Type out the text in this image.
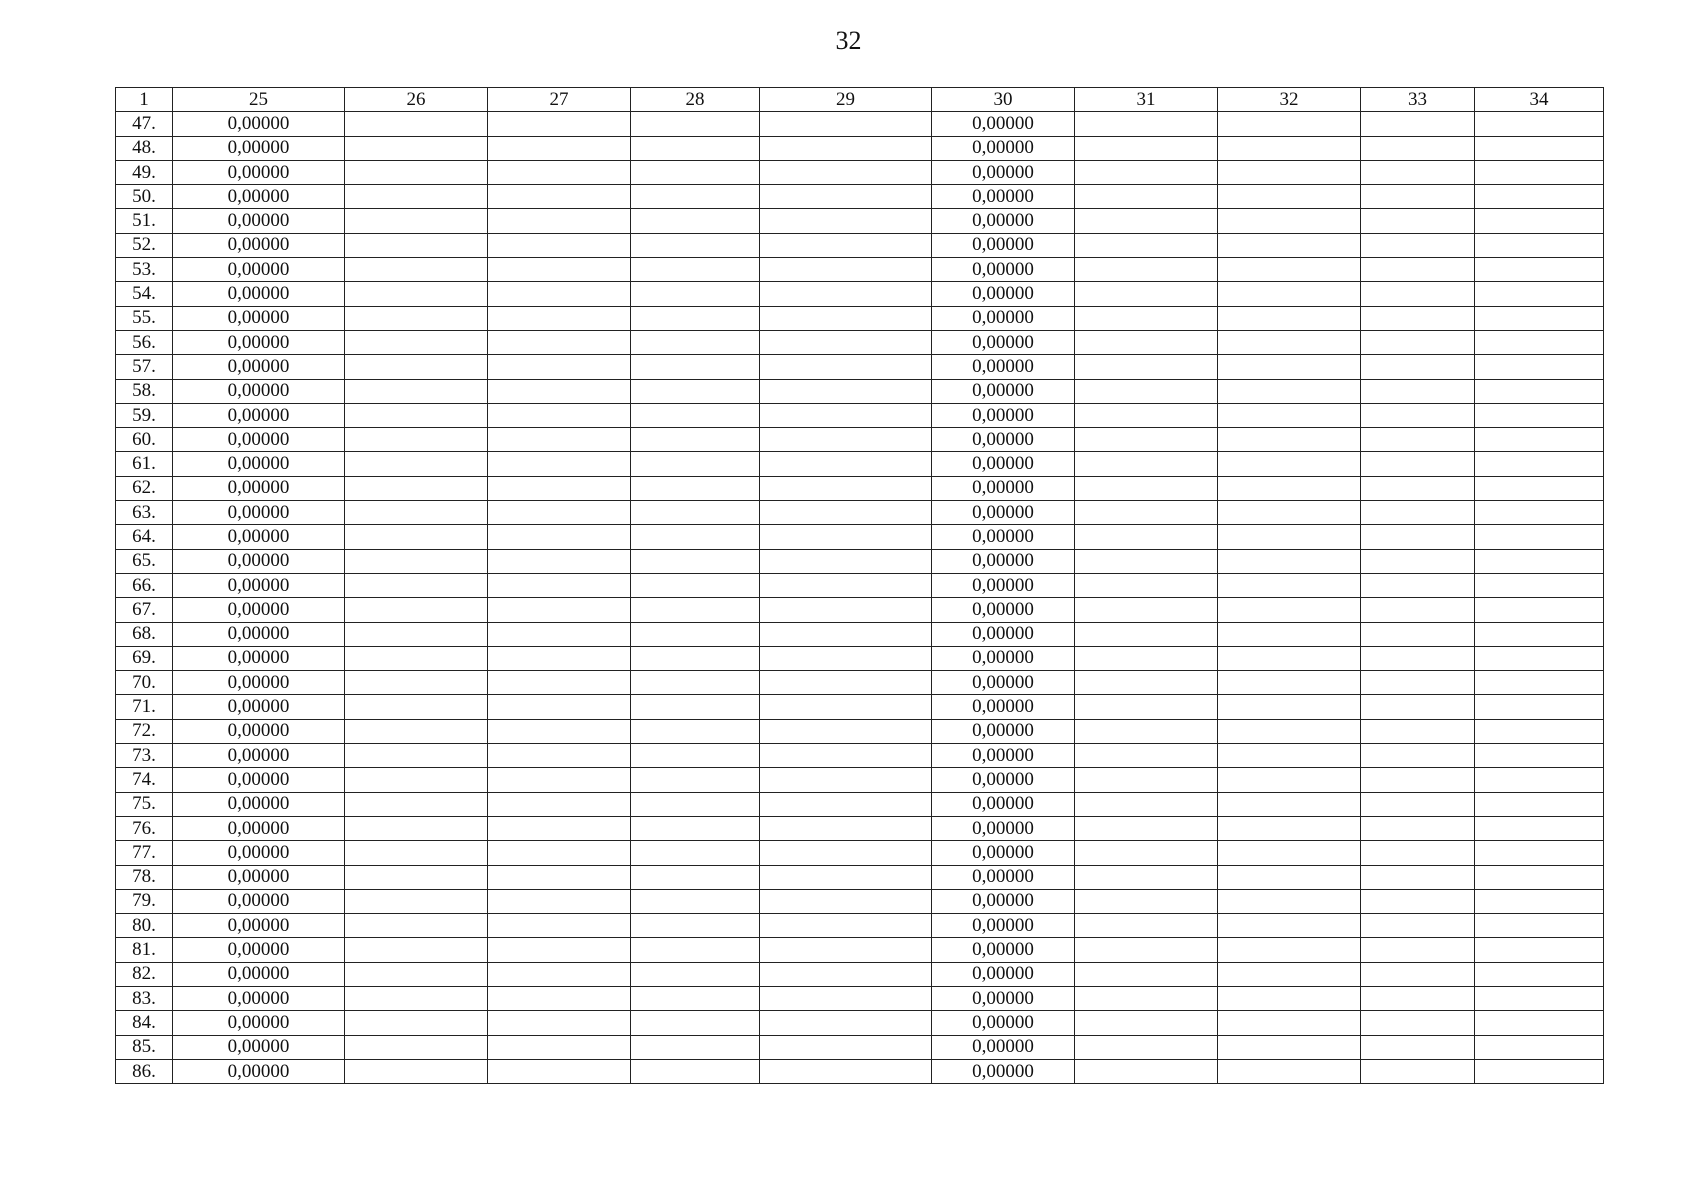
32
1	25	26	27	28	29	30	31	32	33	34
47.	0,00000					0,00000				
48.	0,00000					0,00000				
49.	0,00000					0,00000				
50.	0,00000					0,00000				
51.	0,00000					0,00000				
52.	0,00000					0,00000				
53.	0,00000					0,00000				
54.	0,00000					0,00000				
55.	0,00000					0,00000				
56.	0,00000					0,00000				
57.	0,00000					0,00000				
58.	0,00000					0,00000				
59.	0,00000					0,00000				
60.	0,00000					0,00000				
61.	0,00000					0,00000				
62.	0,00000					0,00000				
63.	0,00000					0,00000				
64.	0,00000					0,00000				
65.	0,00000					0,00000				
66.	0,00000					0,00000				
67.	0,00000					0,00000				
68.	0,00000					0,00000				
69.	0,00000					0,00000				
70.	0,00000					0,00000				
71.	0,00000					0,00000				
72.	0,00000					0,00000				
73.	0,00000					0,00000				
74.	0,00000					0,00000				
75.	0,00000					0,00000				
76.	0,00000					0,00000				
77.	0,00000					0,00000				
78.	0,00000					0,00000				
79.	0,00000					0,00000				
80.	0,00000					0,00000				
81.	0,00000					0,00000				
82.	0,00000					0,00000				
83.	0,00000					0,00000				
84.	0,00000					0,00000				
85.	0,00000					0,00000				
86.	0,00000					0,00000				
